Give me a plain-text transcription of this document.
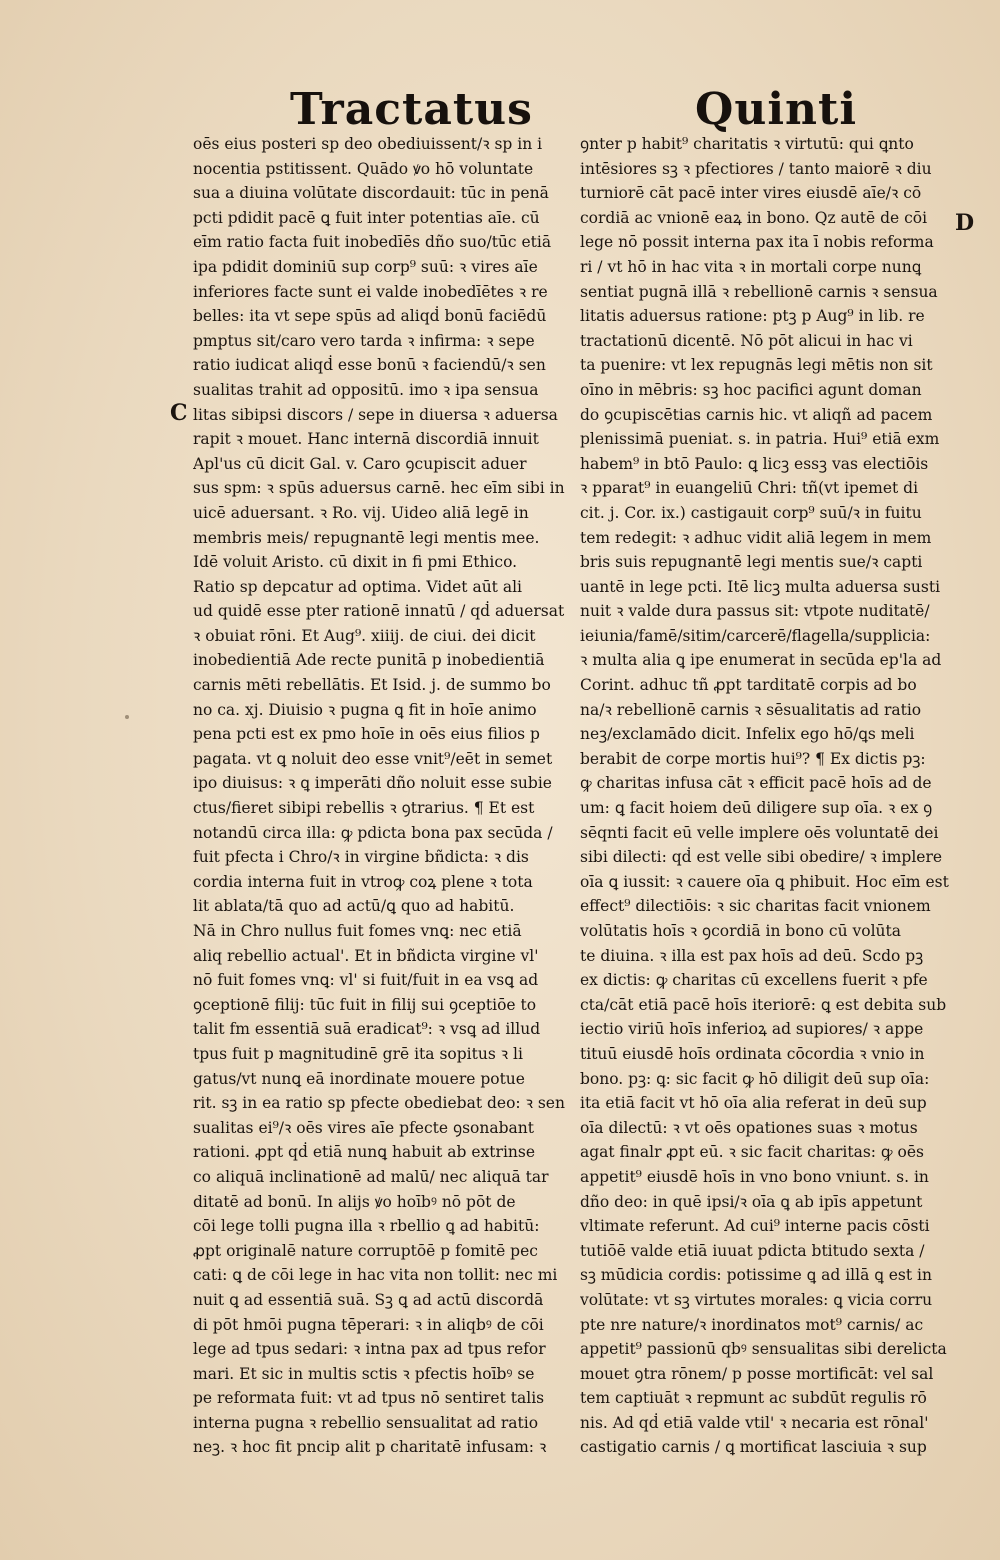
Tractatus	Quinti
C
D
oēs eius posteri sp deo obediuissent/ꝛ sp in i
nocentia pstitissent. Quādo ꝟo hō voluntate
sua a diuina volūtate discordauit: tūc in penā
pcti pdidit pacē ꝗ fuit inter potentias aīe. cū
eīm ratio facta fuit inobedīēs dño suo/tūc etiā
ipa pdidit dominiū sup corp⁹ suū: ꝛ vires aīe
inferiores facte sunt ei valde inobedīētes ꝛ re
belles: ita vt sepe spūs ad aliqḋ bonū faciēdū
pmptus sit/caro vero tarda ꝛ infirma: ꝛ sepe
ratio iudicat aliqḋ esse bonū ꝛ faciendū/ꝛ sen
sualitas trahit ad oppositū. imo ꝛ ipa sensua
litas sibipsi discors / sepe in diuersa ꝛ aduersa
rapit ꝛ mouet. Hanc internā discordiā innuit
Apl'us cū dicit Gal. v. Caro ꝯcupiscit aduer
sus spm: ꝛ spūs aduersus carnē. hec eīm sibi in
uicē aduersant. ꝛ Ro. vij. Uideo aliā legē in
membris meis/ repugnantē legi mentis mee.
Idē voluit Aristo. cū dixit in fi pmi Ethico.
Ratio sp depcatur ad optima. Videt aūt ali
ud quidē esse pter rationē innatū / qḋ aduersat
ꝛ obuiat rōni. Et Aug⁹. xiiij. de ciui. dei dicit
inobedientiā Ade recte punitā p inobedientiā
carnis mēti rebellātis. Et Isid. j. de summo bo
no ca. xj. Diuisio ꝛ pugna ꝗ fit in hoīe animo
pena pcti est ex pmo hoīe in oēs eius filios p
pagata. vt ꝗ noluit deo esse vnit⁹/eēt in semet
ipo diuisus: ꝛ ꝗ imperāti dño noluit esse subie
ctus/fieret sibipi rebellis ꝛ ꝯtrarius. ¶ Et est
notandū circa illa: ꝙ pdicta bona pax secūda /
fuit pfecta i Chro/ꝛ in virgine bñdicta: ꝛ dis
cordia interna fuit in vtroꝙ coꝝ plene ꝛ tota
lit ablata/tā quo ad actū/ꝗ quo ad habitū.
Nā in Chro nullus fuit fomes vnꝗ: nec etiā
aliq rebellio actual'. Et in bñdicta virgine vl'
nō fuit fomes vnꝗ: vl' si fuit/fuit in ea vsꝗ ad
ꝯceptionē filij: tūc fuit in filij sui ꝯceptiōe to
talit fm essentiā suā eradicat⁹: ꝛ vsꝗ ad illud
tpus fuit p magnitudinē grē ita sopitus ꝛ li
gatus/vt nunꝗ eā inordinate mouere potue
rit. sꝫ in ea ratio sp pfecte obediebat deo: ꝛ sen
sualitas ei⁹/ꝛ oēs vires aīe pfecte ꝯsonabant
rationi. ꝓpt qḋ etiā nunꝗ habuit ab extrinse
co aliquā inclinationē ad malū/ nec aliquā tar
ditatē ad bonū. In alijs ꝟo hoībꝰ nō pōt de
cōi lege tolli pugna illa ꝛ rbellio ꝗ ad habitū:
ꝓpt originalē nature corruptōē p fomitē pec
cati: ꝗ de cōi lege in hac vita non tollit: nec mi
nuit ꝗ ad essentiā suā. Sꝫ ꝗ ad actū discordā
di pōt hmōi pugna tēperari: ꝛ in aliqbꝰ de cōi
lege ad tpus sedari: ꝛ intna pax ad tpus refor
mari. Et sic in multis sctis ꝛ pfectis hoībꝰ se
pe reformata fuit: vt ad tpus nō sentiret talis
interna pugna ꝛ rebellio sensualitat ad ratio
neꝫ. ꝛ hoc fit pncip alit p charitatē infusam: ꝛ
ꝯnter p habit⁹ charitatis ꝛ virtutū: qui ꝗnto
intēsiores sꝫ ꝛ pfectiores / tanto maiorē ꝛ diu
turniorē cāt pacē inter vires eiusdē aīe/ꝛ cō
cordiā ac vnionē eaꝝ in bono. Qz autē de cōi
lege nō possit interna pax ita ī nobis reforma
ri / vt hō in hac vita ꝛ in mortali corpe nunꝗ
sentiat pugnā illā ꝛ rebellionē carnis ꝛ sensua
litatis aduersus ratione: ptꝫ p Aug⁹ in lib. re
tractationū dicentē. Nō pōt alicui in hac vi
ta puenire: vt lex repugnās legi mētis non sit
oīno in mēbris: sꝫ hoc pacifici agunt doman
do ꝯcupiscētias carnis hic. vt aliqñ ad pacem
plenissimā pueniat. s. in patria. Hui⁹ etiā exm
habem⁹ in btō Paulo: ꝗ licꝫ essꝫ vas electiōis
ꝛ pparat⁹ in euangeliū Chri: tñ(vt ipemet di
cit. j. Cor. ix.) castigauit corp⁹ suū/ꝛ in fuitu
tem redegit: ꝛ adhuc vidit aliā legem in mem
bris suis repugnantē legi mentis sue/ꝛ capti
uantē in lege pcti. Itē licꝫ multa aduersa susti
nuit ꝛ valde dura passus sit: vtpote nuditatē/
ieiunia/famē/sitim/carcerē/flagella/supplicia:
ꝛ multa alia ꝗ ipe enumerat in secūda ep'la ad
Corint. adhuc tñ ꝓpt tarditatē corpis ad bo
na/ꝛ rebellionē carnis ꝛ sēsualitatis ad ratio
neꝫ/exclamādo dicit. Infelix ego hō/ꝗs meli
berabit de corpe mortis hui⁹? ¶ Ex dictis pꝫ:
ꝙ charitas infusa cāt ꝛ efficit pacē hoīs ad de
um: ꝗ facit hoiem deū diligere sup oīa. ꝛ ex ꝯ
sēqnti facit eū velle implere oēs voluntatē dei
sibi dilecti: qḋ est velle sibi obedire/ ꝛ implere
oīa ꝗ iussit: ꝛ cauere oīa ꝗ phibuit. Hoc eīm est
effect⁹ dilectiōis: ꝛ sic charitas facit vnionem
volūtatis hoīs ꝛ ꝯcordiā in bono cū volūta
te diuina. ꝛ illa est pax hoīs ad deū. Scdo pꝫ
ex dictis: ꝙ charitas cū excellens fuerit ꝛ pfe
cta/cāt etiā pacē hoīs iteriorē: ꝗ est debita sub
iectio viriū hoīs inferioꝝ ad supiores/ ꝛ appe
tituū eiusdē hoīs ordinata cōcordia ꝛ vnio in
bono. pꝫ: ꝗ: sic facit ꝙ hō diligit deū sup oīa:
ita etiā facit vt hō oīa alia referat in deū sup
oīa dilectū: ꝛ vt oēs opationes suas ꝛ motus
agat finalr ꝓpt eū. ꝛ sic facit charitas: ꝙ oēs
appetit⁹ eiusdē hoīs in vno bono vniunt. s. in
dño deo: in quē ipsi/ꝛ oīa ꝗ ab ipīs appetunt
vltimate referunt. Ad cui⁹ interne pacis cōsti
tutiōē valde etiā iuuat pdicta btitudo sexta /
sꝫ mūdicia cordis: potissime ꝗ ad illā ꝗ est in
volūtate: vt sꝫ virtutes morales: ꝗ vicia corru
pte nre nature/ꝛ inordinatos mot⁹ carnis/ ac
appetit⁹ passionū qbꝰ sensualitas sibi derelicta
mouet ꝯtra rōnem/ p posse mortificāt: vel sal
tem captiuāt ꝛ repmunt ac subdūt regulis rō
nis. Ad qḋ etiā valde vtil' ꝛ necaria est rōnal'
castigatio carnis / ꝗ mortificat lasciuia ꝛ sup
